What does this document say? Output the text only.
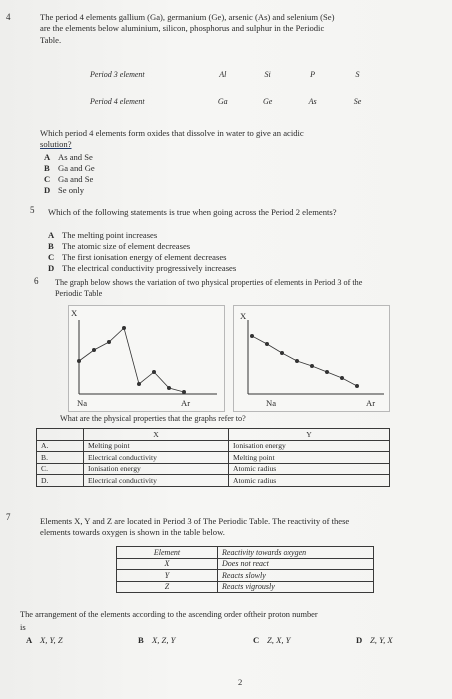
4	The period 4 elements gallium (Ga), germanium (Ge), arsenic (As) and selenium (Se)
are the elements below aluminium, silicon, phosphorus and sulphur in the Periodic
Table.
Period 3 element	Al	Si	P	S

Period 4 element	Ga	Ge	As	Se
Which period 4 elements form oxides that dissolve in water to give an acidic
solution?
A As and Se
B Ga and Ge
C Ga and Se
D Se only
5 Which of the following statements is true when going across the Period 2 elements?
A The melting point increases
B The atomic size of element decreases
C The first ionisation energy of element decreases
D The electrical conductivity progressively increases
6 The graph below shows the variation of two physical properties of elements in Period 3 of the
Periodic Table
X
Na	Ar
X
Na	Ar
What are the physical properties that the graphs refer to?
	X	Y
A.	Melting point	Ionisation energy
B.	Electrical conductivity	Melting point
C.	Ionisation energy	Atomic radius
D.	Electrical conductivity	Atomic radius
7	Elements X, Y and Z are located in Period 3 of The Periodic Table. The reactivity of these
elements towards oxygen is shown in the table below.
Element	Reactivity towards oxygen
X	Does not react
Y	Reacts slowly
Z	Reacts vigrously
The arrangement of the elements according to the ascending order oftheir proton number
is
A X, Y, Z	B X, Z, Y	C Z, X, Y	D Z, Y, X
2
